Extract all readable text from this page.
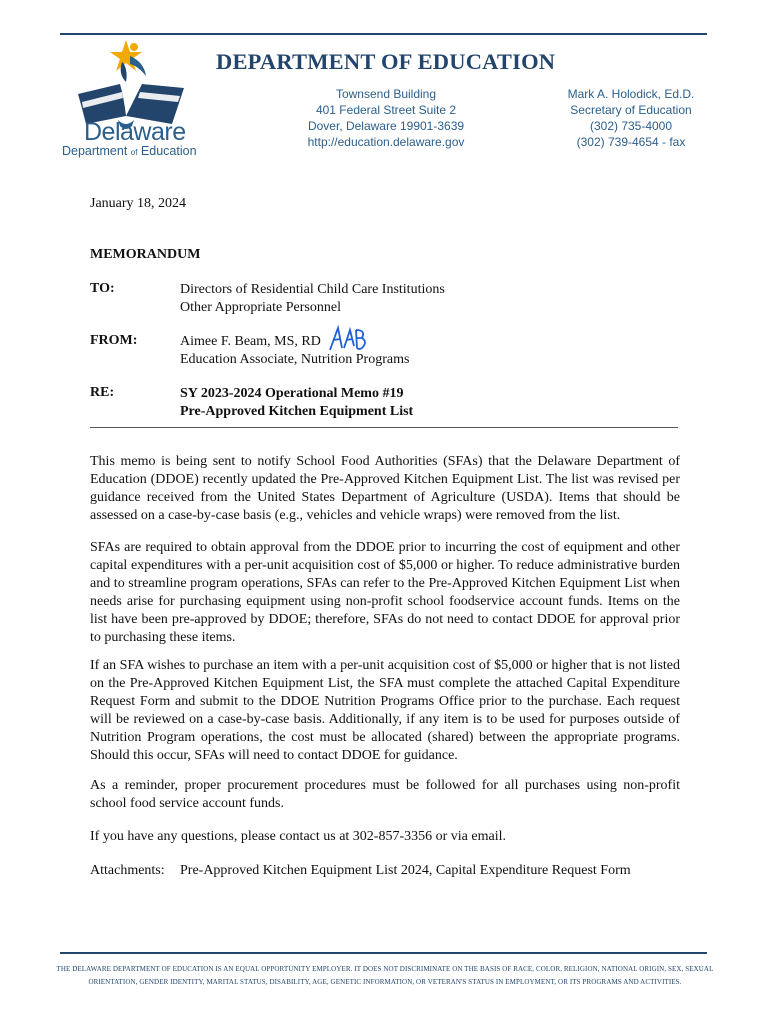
Delaware
Department of Education
DEPARTMENT OF EDUCATION
Townsend Building
401 Federal Street Suite 2
Dover, Delaware 19901-3639
http://education.delaware.gov
Mark A. Holodick, Ed.D.
Secretary of Education
(302) 735-4000
(302) 739-4654 - fax
January 18, 2024
MEMORANDUM
TO:	Directors of Residential Child Care Institutions
Other Appropriate Personnel
FROM:	Aimee F. Beam, MS, RD
Education Associate, Nutrition Programs
RE:	SY 2023-2024 Operational Memo #19
Pre-Approved Kitchen Equipment List
This memo is being sent to notify School Food Authorities (SFAs) that the Delaware Department of Education (DDOE) recently updated the Pre-Approved Kitchen Equipment List. The list was revised per guidance received from the United States Department of Agriculture (USDA). Items that should be assessed on a case-by-case basis (e.g., vehicles and vehicle wraps) were removed from the list.
SFAs are required to obtain approval from the DDOE prior to incurring the cost of equipment and other capital expenditures with a per-unit acquisition cost of $5,000 or higher. To reduce administrative burden and to streamline program operations, SFAs can refer to the Pre-Approved Kitchen Equipment List when needs arise for purchasing equipment using non-profit school foodservice account funds. Items on the list have been pre-approved by DDOE; therefore, SFAs do not need to contact DDOE for approval prior to purchasing these items.
If an SFA wishes to purchase an item with a per-unit acquisition cost of $5,000 or higher that is not listed on the Pre-Approved Kitchen Equipment List, the SFA must complete the attached Capital Expenditure Request Form and submit to the DDOE Nutrition Programs Office prior to the purchase. Each request will be reviewed on a case-by-case basis. Additionally, if any item is to be used for purposes outside of Nutrition Program operations, the cost must be allocated (shared) between the appropriate programs. Should this occur, SFAs will need to contact DDOE for guidance.
As a reminder, proper procurement procedures must be followed for all purchases using non-profit school food service account funds.
If you have any questions, please contact us at 302-857-3356 or via email.
Attachments: Pre-Approved Kitchen Equipment List 2024, Capital Expenditure Request Form
THE DELAWARE DEPARTMENT OF EDUCATION IS AN EQUAL OPPORTUNITY EMPLOYER. IT DOES NOT DISCRIMINATE ON THE BASIS OF RACE, COLOR, RELIGION, NATIONAL ORIGIN, SEX, SEXUAL
ORIENTATION, GENDER IDENTITY, MARITAL STATUS, DISABILITY, AGE, GENETIC INFORMATION, OR VETERAN'S STATUS IN EMPLOYMENT, OR ITS PROGRAMS AND ACTIVITIES.
